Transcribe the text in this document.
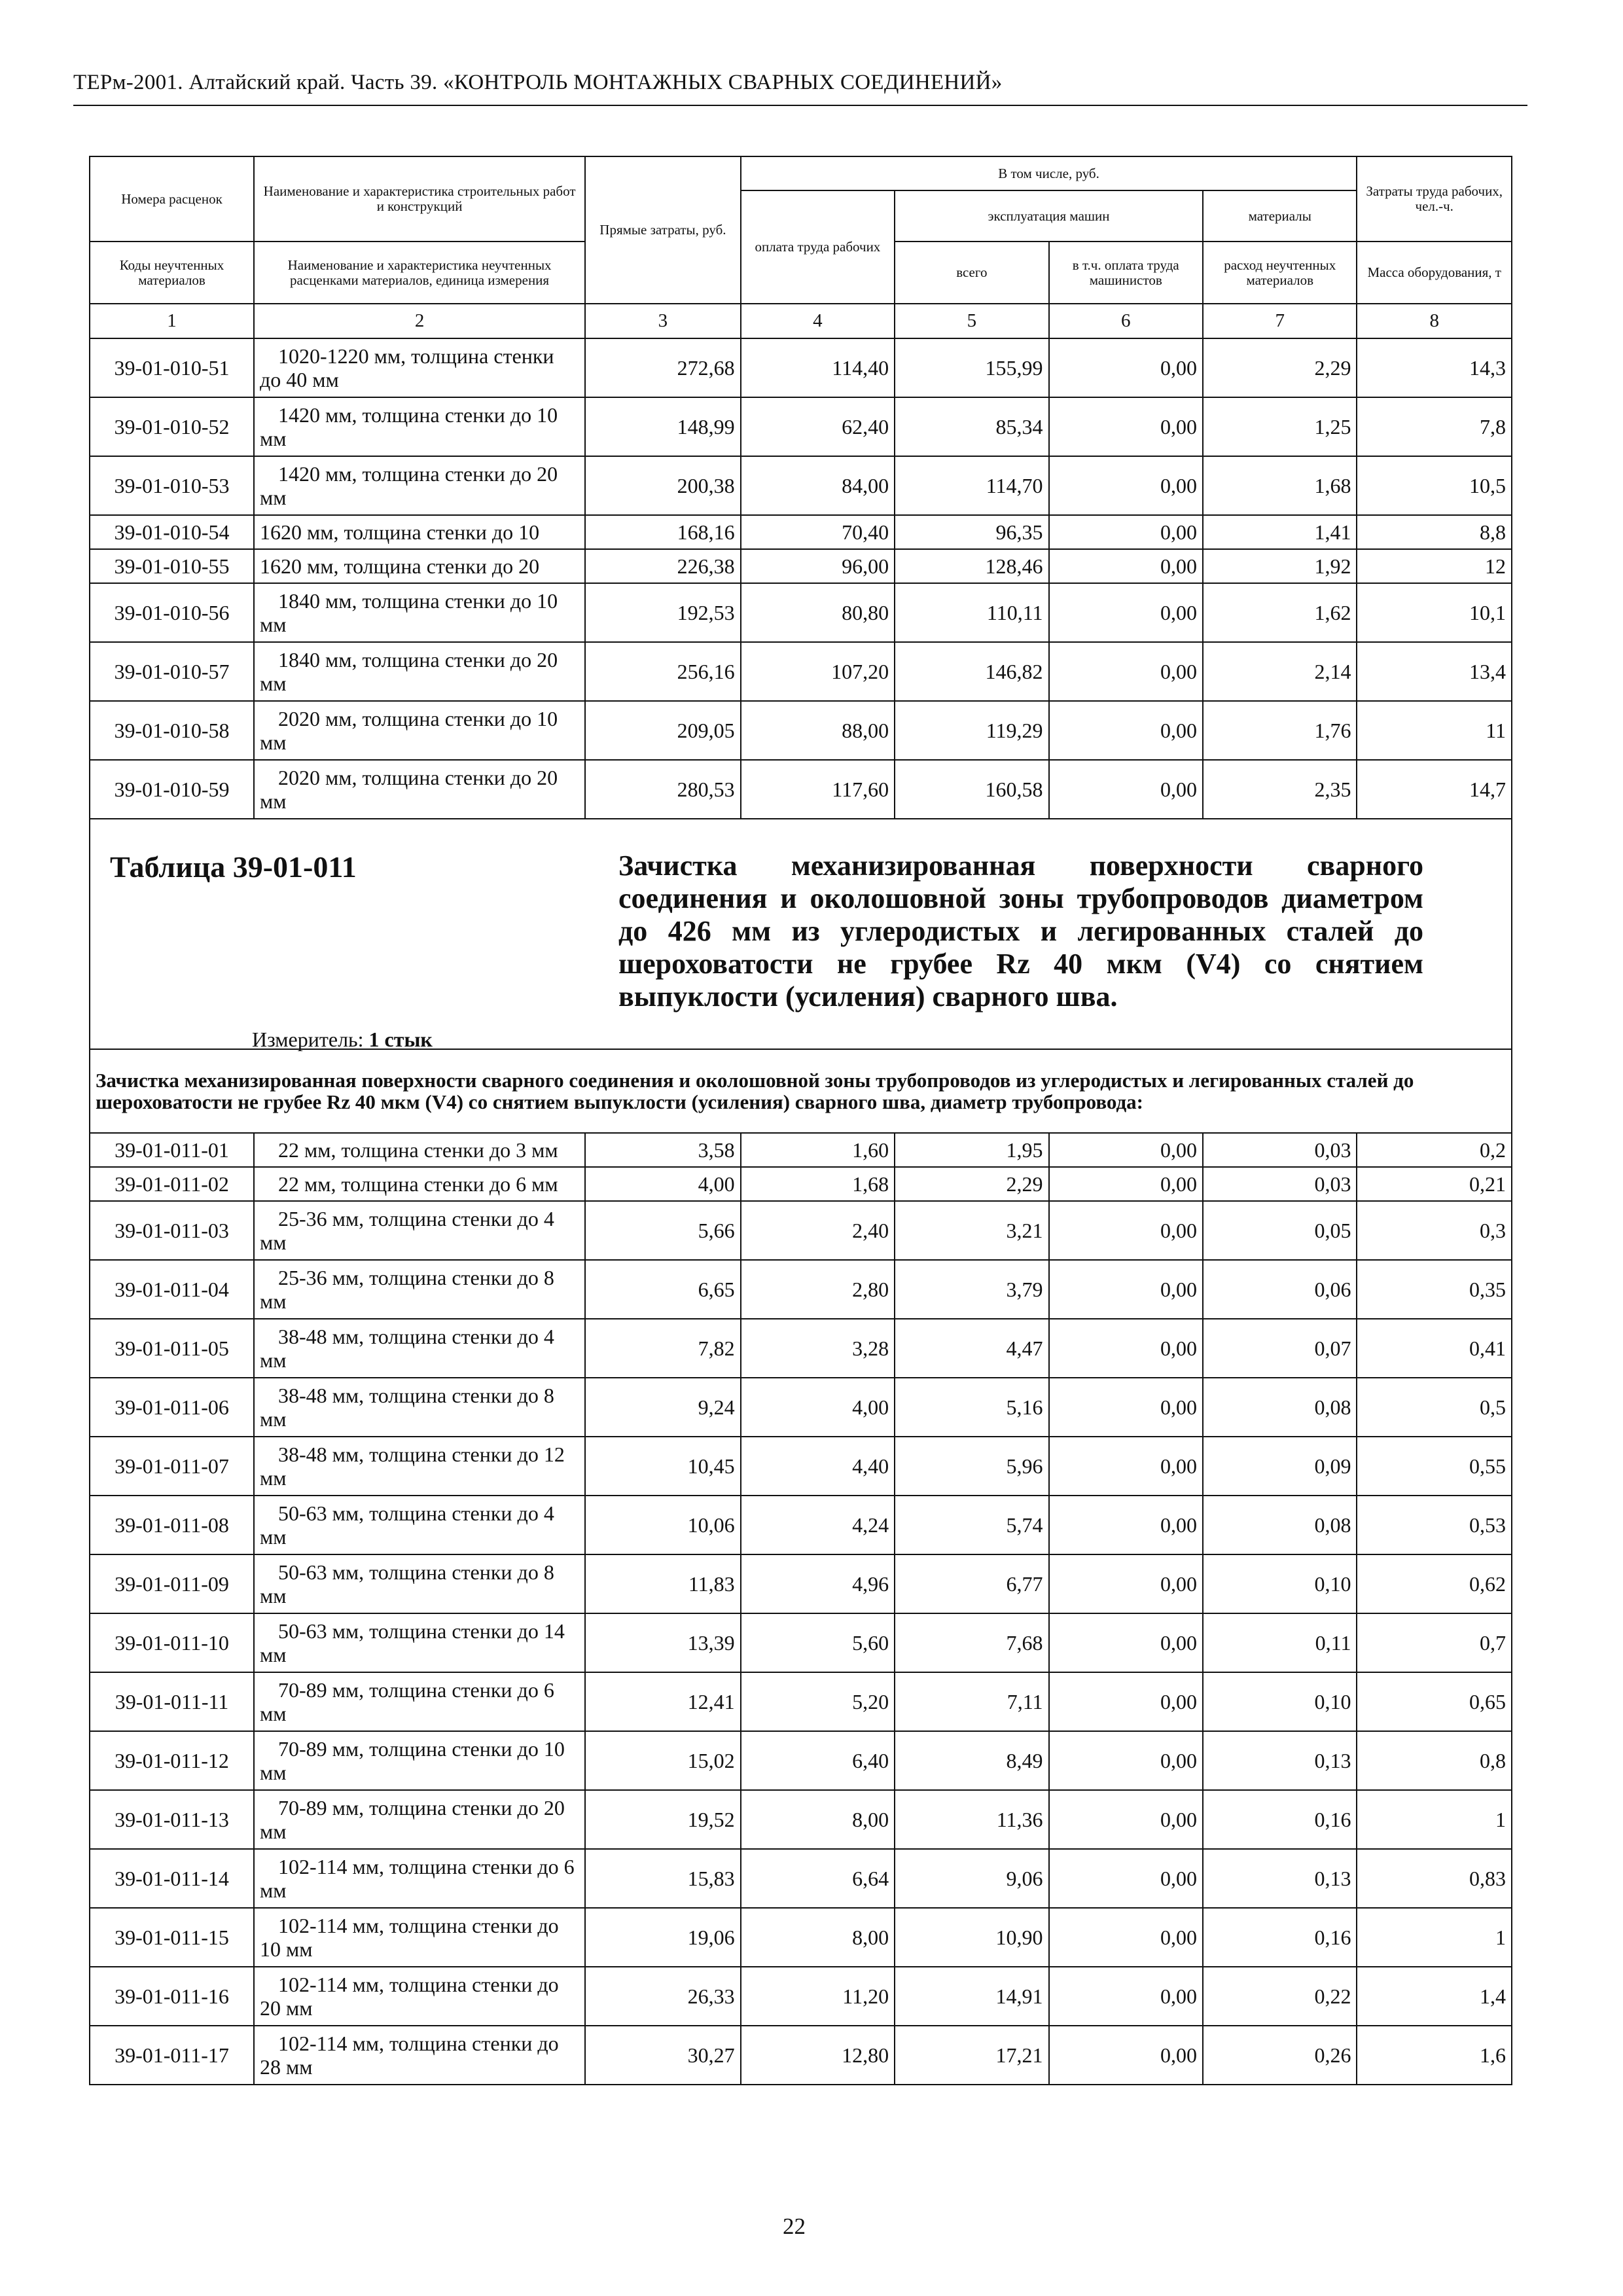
ТЕРм-2001. Алтайский край. Часть 39. «КОНТРОЛЬ МОНТАЖНЫХ СВАРНЫХ СОЕДИНЕНИЙ»
Номера расценок	Наименование и характеристика строительных работ и конструкций	Прямые затраты, руб.	В том числе, руб.				Затраты труда рабочих, чел.-ч.
			оплата труда рабочих	эксплуатация машин		материалы	
Коды неучтенных материалов	Наименование и характеристика неучтенных расценками материалов, единица измерения			всего	в т.ч. оплата труда машинистов	расход неучтенных материалов	Масса оборудования, т
1	2	3	4	5	6	7	8
39-01-010-51	1020-1220 мм, толщина стенки до 40 мм	272,68	114,40	155,99	0,00	2,29	14,3
39-01-010-52	1420 мм, толщина стенки до 10 мм	148,99	62,40	85,34	0,00	1,25	7,8
39-01-010-53	1420 мм, толщина стенки до 20 мм	200,38	84,00	114,70	0,00	1,68	10,5
39-01-010-54	1620 мм, толщина стенки до 10	168,16	70,40	96,35	0,00	1,41	8,8
39-01-010-55	1620 мм, толщина стенки до 20	226,38	96,00	128,46	0,00	1,92	12
39-01-010-56	1840 мм, толщина стенки до 10 мм	192,53	80,80	110,11	0,00	1,62	10,1
39-01-010-57	1840 мм, толщина стенки до 20 мм	256,16	107,20	146,82	0,00	2,14	13,4
39-01-010-58	2020 мм, толщина стенки до 10 мм	209,05	88,00	119,29	0,00	1,76	11
39-01-010-59	2020 мм, толщина стенки до 20 мм	280,53	117,60	160,58	0,00	2,35	14,7

Таблица 39-01-011 Зачистка механизированная поверхности сварного соединения и околошовной зоны трубопроводов диаметром до 426 мм из углеродистых и легированных сталей до шероховатости не грубее Rz 40 мкм (V4) со снятием выпуклости (усиления) сварного шва.
Измеритель: 1 стык							

Зачистка механизированная поверхности сварного соединения и околошовной зоны трубопроводов из углеродистых и легированных сталей до шероховатости не грубее Rz 40 мкм (V4) со снятием выпуклости (усиления) сварного шва, диаметр трубопровода:							
39-01-011-01	22 мм, толщина стенки до 3 мм	3,58	1,60	1,95	0,00	0,03	0,2
39-01-011-02	22 мм, толщина стенки до 6 мм	4,00	1,68	2,29	0,00	0,03	0,21
39-01-011-03	25-36 мм, толщина стенки до 4 мм	5,66	2,40	3,21	0,00	0,05	0,3
39-01-011-04	25-36 мм, толщина стенки до 8 мм	6,65	2,80	3,79	0,00	0,06	0,35
39-01-011-05	38-48 мм, толщина стенки до 4 мм	7,82	3,28	4,47	0,00	0,07	0,41
39-01-011-06	38-48 мм, толщина стенки до 8 мм	9,24	4,00	5,16	0,00	0,08	0,5
39-01-011-07	38-48 мм, толщина стенки до 12 мм	10,45	4,40	5,96	0,00	0,09	0,55
39-01-011-08	50-63 мм, толщина стенки до 4 мм	10,06	4,24	5,74	0,00	0,08	0,53
39-01-011-09	50-63 мм, толщина стенки до 8 мм	11,83	4,96	6,77	0,00	0,10	0,62
39-01-011-10	50-63 мм, толщина стенки до 14 мм	13,39	5,60	7,68	0,00	0,11	0,7
39-01-011-11	70-89 мм, толщина стенки до 6 мм	12,41	5,20	7,11	0,00	0,10	0,65
39-01-011-12	70-89 мм, толщина стенки до 10 мм	15,02	6,40	8,49	0,00	0,13	0,8
39-01-011-13	70-89 мм, толщина стенки до 20 мм	19,52	8,00	11,36	0,00	0,16	1
39-01-011-14	102-114 мм, толщина стенки до 6 мм	15,83	6,64	9,06	0,00	0,13	0,83
39-01-011-15	102-114 мм, толщина стенки до 10 мм	19,06	8,00	10,90	0,00	0,16	1
39-01-011-16	102-114 мм, толщина стенки до 20 мм	26,33	11,20	14,91	0,00	0,22	1,4
39-01-011-17	102-114 мм, толщина стенки до 28 мм	30,27	12,80	17,21	0,00	0,26	1,6
22
